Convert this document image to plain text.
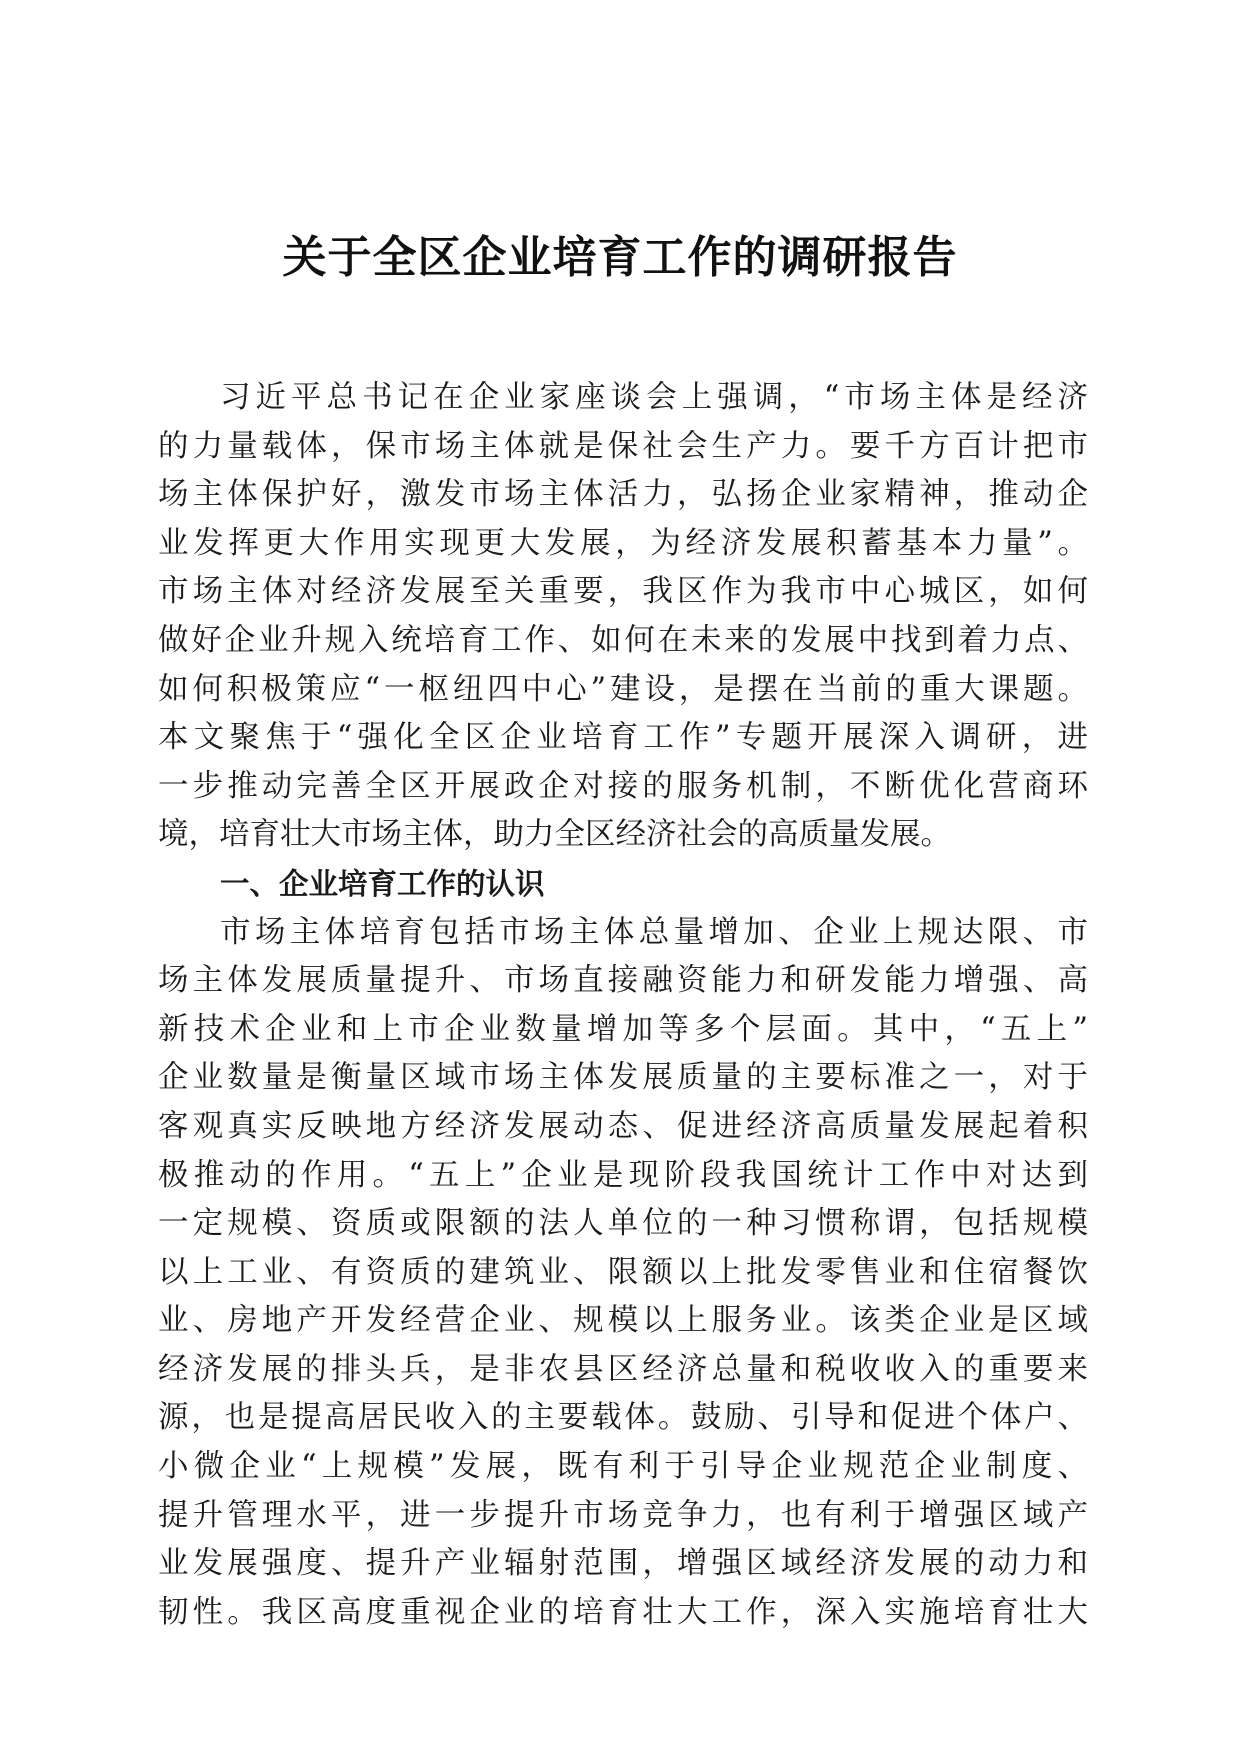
关于全区企业培育工作的调研报告
习近平总书记在企业家座谈会上强调，“市场主体是经济
的力量载体，保市场主体就是保社会生产力。要千方百计把市
场主体保护好，激发市场主体活力，弘扬企业家精神，推动企
业发挥更大作用实现更大发展，为经济发展积蓄基本力量”。
市场主体对经济发展至关重要，我区作为我市中心城区，如何
做好企业升规入统培育工作、如何在未来的发展中找到着力点、
如何积极策应“一枢纽四中心”建设，是摆在当前的重大课题。
本文聚焦于“强化全区企业培育工作”专题开展深入调研，进
一步推动完善全区开展政企对接的服务机制，不断优化营商环
境，培育壮大市场主体，助力全区经济社会的高质量发展。
一、企业培育工作的认识
市场主体培育包括市场主体总量增加、企业上规达限、市
场主体发展质量提升、市场直接融资能力和研发能力增强、高
新技术企业和上市企业数量增加等多个层面。其中，“五上”
企业数量是衡量区域市场主体发展质量的主要标准之一，对于
客观真实反映地方经济发展动态、促进经济高质量发展起着积
极推动的作用。“五上”企业是现阶段我国统计工作中对达到
一定规模、资质或限额的法人单位的一种习惯称谓，包括规模
以上工业、有资质的建筑业、限额以上批发零售业和住宿餐饮
业、房地产开发经营企业、规模以上服务业。该类企业是区域
经济发展的排头兵，是非农县区经济总量和税收收入的重要来
源，也是提高居民收入的主要载体。鼓励、引导和促进个体户、
小微企业“上规模”发展，既有利于引导企业规范企业制度、
提升管理水平，进一步提升市场竞争力，也有利于增强区域产
业发展强度、提升产业辐射范围，增强区域经济发展的动力和
韧性。我区高度重视企业的培育壮大工作，深入实施培育壮大
